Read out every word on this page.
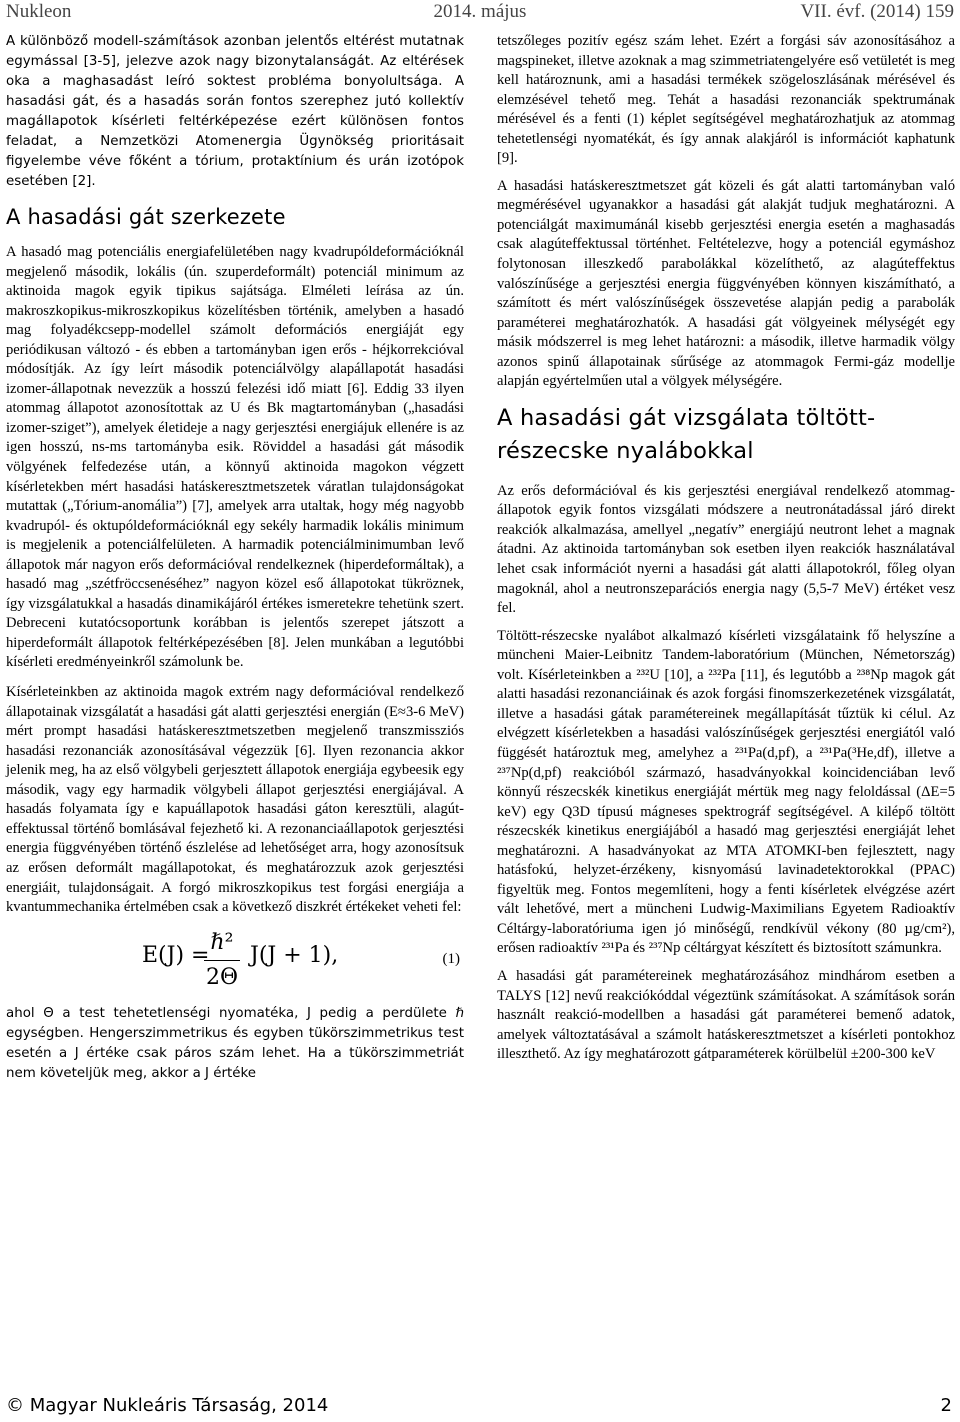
2014. május
Nukleon	VII. évf. (2014) 159

A különböző modell-számítások azonban jelentős eltérést mutatnak egymással [3-5], jelezve azok nagy bizonytalanságát. Az eltérések oka a maghasadást leíró soktest probléma bonyolultsága. A hasadási gát, és a hasadás során fontos szerephez jutó kollektív magállapotok kísérleti feltérképezése ezért különösen fontos feladat, a Nemzetközi Atomenergia Ügynökség prioritásait figyelembe véve főként a tórium, protaktínium és urán izotópok esetében [2].

A hasadási gát szerkezete

A hasadó mag potenciális energiafelületében nagy kvadrupóldeformációknál megjelenő második, lokális (ún. szuperdeformált) potenciál minimum az aktinoida magok egyik tipikus sajátsága. Elméleti leírása az ún. makroszkopikus-mikroszkopikus közelítésben történik, amelyben a hasadó mag folyadékcsepp-modellel számolt deformációs energiáját egy periódikusan változó - és ebben a tartományban igen erős - héjkorrekcióval módosítják. Az így leírt második potenciálvölgy alapállapotát hasadási izomer-állapotnak nevezzük a hosszú felezési idő miatt [6]. Eddig 33 ilyen atommag állapotot azonosítottak az U és Bk magtartományban („hasadási izomer-sziget”), amelyek életideje a nagy gerjesztési energiájuk ellenére is az igen hosszú, ns-ms tartományba esik. Röviddel a hasadási gát második völgyének felfedezése után, a könnyű aktinoida magokon végzett kísérletekben mért hasadási hatáskeresztmetszetek váratlan tulajdonságokat mutattak („Tórium-anomália”) [7], amelyek arra utaltak, hogy még nagyobb kvadrupól- és oktupóldeformációknál egy sekély harmadik lokális minimum is megjelenik a potenciálfelületen. A harmadik potenciálminimumban levő állapotok már nagyon erős deformációval rendelkeznek (hiperdeformáltak), a hasadó mag „szétfröccsenéséhez” nagyon közel eső állapotokat tükröznek, így vizsgálatukkal a hasadás dinamikájáról értékes ismeretekre tehetünk szert. Debreceni kutatócsoportunk korábban is jelentős szerepet játszott a hiperdeformált állapotok feltérképezésében [8]. Jelen munkában a legutóbbi kísérleti eredményeinkről számolunk be.

Kísérleteinkben az aktinoida magok extrém nagy deformációval rendelkező állapotainak vizsgálatát a hasadási gát alatti gerjesztési energián (E≈3-6 MeV) mért prompt hasadási hatáskeresztmetszetben megjelenő transzmissziós hasadási rezonanciák azonosításával végezzük [6]. Ilyen rezonancia akkor jelenik meg, ha az első völgybeli gerjesztett állapotok energiája egybeesik egy második, vagy egy harmadik völgybeli állapot gerjesztési energiájával. A hasadás folyamata így e kapuállapotok hasadási gáton keresztüli, alagút-effektussal történő bomlásával fejezhető ki. A rezonanciaállapotok gerjesztési energia függvényében történő észlelése ad lehetőséget arra, hogy azonosítsuk az erősen deformált magállapotokat, és meghatározzuk azok gerjesztési energiáit, tulajdonságait. A forgó mikroszkopikus test forgási energiája a kvantummechanika értelmében csak a következő diszkrét értékeket veheti fel:

E(J) =
ℏ²
2Θ
J(J + 1),	(1)

ahol Θ a test tehetetlenségi nyomatéka, J pedig a perdülete ℏ egységben. Hengerszimmetrikus és egyben tükörszimmetrikus test esetén a J értéke csak páros szám lehet. Ha a tükörszimmetriát nem követeljük meg, akkor a J értéke

tetszőleges pozitív egész szám lehet. Ezért a forgási sáv azonosításához a magspineket, illetve azoknak a mag szimmetriatengelyére eső vetületét is meg kell határoznunk, ami a hasadási termékek szögeloszlásának mérésével és elemzésével tehető meg. Tehát a hasadási rezonanciák spektrumának mérésével és a fenti (1) képlet segítségével meghatározhatjuk az atommag tehetetlenségi nyomatékát, és így annak alakjáról is információt kaphatunk [9].

A hasadási hatáskeresztmetszet gát közeli és gát alatti tartományban való megmérésével ugyanakkor a hasadási gát alakját tudjuk meghatározni. A potenciálgát maximumánál kisebb gerjesztési energia esetén a maghasadás csak alagúteffektussal történhet. Feltételezve, hogy a potenciál egymáshoz folytonosan illeszkedő parabolákkal közelíthető, az alagúteffektus valószínűsége a gerjesztési energia függvényében könnyen kiszámítható, a számított és mért valószínűségek összevetése alapján pedig a parabolák paraméterei meghatározhatók. A hasadási gát völgyeinek mélységét egy másik módszerrel is meg lehet határozni: a második, illetve harmadik völgy azonos spinű állapotainak sűrűsége az atommagok Fermi-gáz modellje alapján egyértelműen utal a völgyek mélységére.

A hasadási gát vizsgálata töltött-részecske nyalábokkal

Az erős deformációval és kis gerjesztési energiával rendelkező atommag-állapotok egyik fontos vizsgálati módszere a neutronátadással járó direkt reakciók alkalmazása, amellyel „negatív” energiájú neutront lehet a magnak átadni. Az aktinoida tartományban sok esetben ilyen reakciók használatával lehet csak információt nyerni a hasadási gát alatti állapotokról, főleg olyan magoknál, ahol a neutronszeparációs energia nagy (5,5-7 MeV) értéket vesz fel.

Töltött-részecske nyalábot alkalmazó kísérleti vizsgálataink fő helyszíne a müncheni Maier-Leibnitz Tandem-laboratórium (München, Németország) volt. Kísérleteinkben a ²³²U [10], a ²³²Pa [11], és legutóbb a ²³⁸Np magok gát alatti hasadási rezonanciáinak és azok forgási finomszerkezetének vizsgálatát, illetve a hasadási gátak paramétereinek megállapítását tűztük ki célul. Az elvégzett kísérletekben a hasadási valószínűségek gerjesztési energiától való függését határoztuk meg, amelyhez a ²³¹Pa(d,pf), a ²³¹Pa(³He,df), illetve a ²³⁷Np(d,pf) reakcióból származó, hasadványokkal koincidenciában levő könnyű részecskék kinetikus energiáját mértük meg nagy feloldással (ΔE=5 keV) egy Q3D típusú mágneses spektrográf segítségével. A kilépő töltött részecskék kinetikus energiájából a hasadó mag gerjesztési energiáját lehet meghatározni. A hasadványokat az MTA ATOMKI-ben fejlesztett, nagy hatásfokú, helyzet-érzékeny, kisnyomású lavinadetektorokkal (PPAC) figyeltük meg. Fontos megemlíteni, hogy a fenti kísérletek elvégzése azért vált lehetővé, mert a müncheni Ludwig-Maximilians Egyetem Radioaktív Céltárgy-laboratóriuma igen jó minőségű, rendkívül vékony (80 µg/cm²), erősen radioaktív ²³¹Pa és ²³⁷Np céltárgyat készített és biztosított számunkra.

A hasadási gát paramétereinek meghatározásához mindhárom esetben a TALYS [12] nevű reakciókóddal végeztünk számításokat. A számítások során használt reakció-modellben a hasadási gát paraméterei bemenő adatok, amelyek változtatásával a számolt hatáskeresztmetszet a kísérleti pontokhoz illeszthető. Az így meghatározott gátparaméterek körülbelül ±200-300 keV

© Magyar Nukleáris Társaság, 2014	2
